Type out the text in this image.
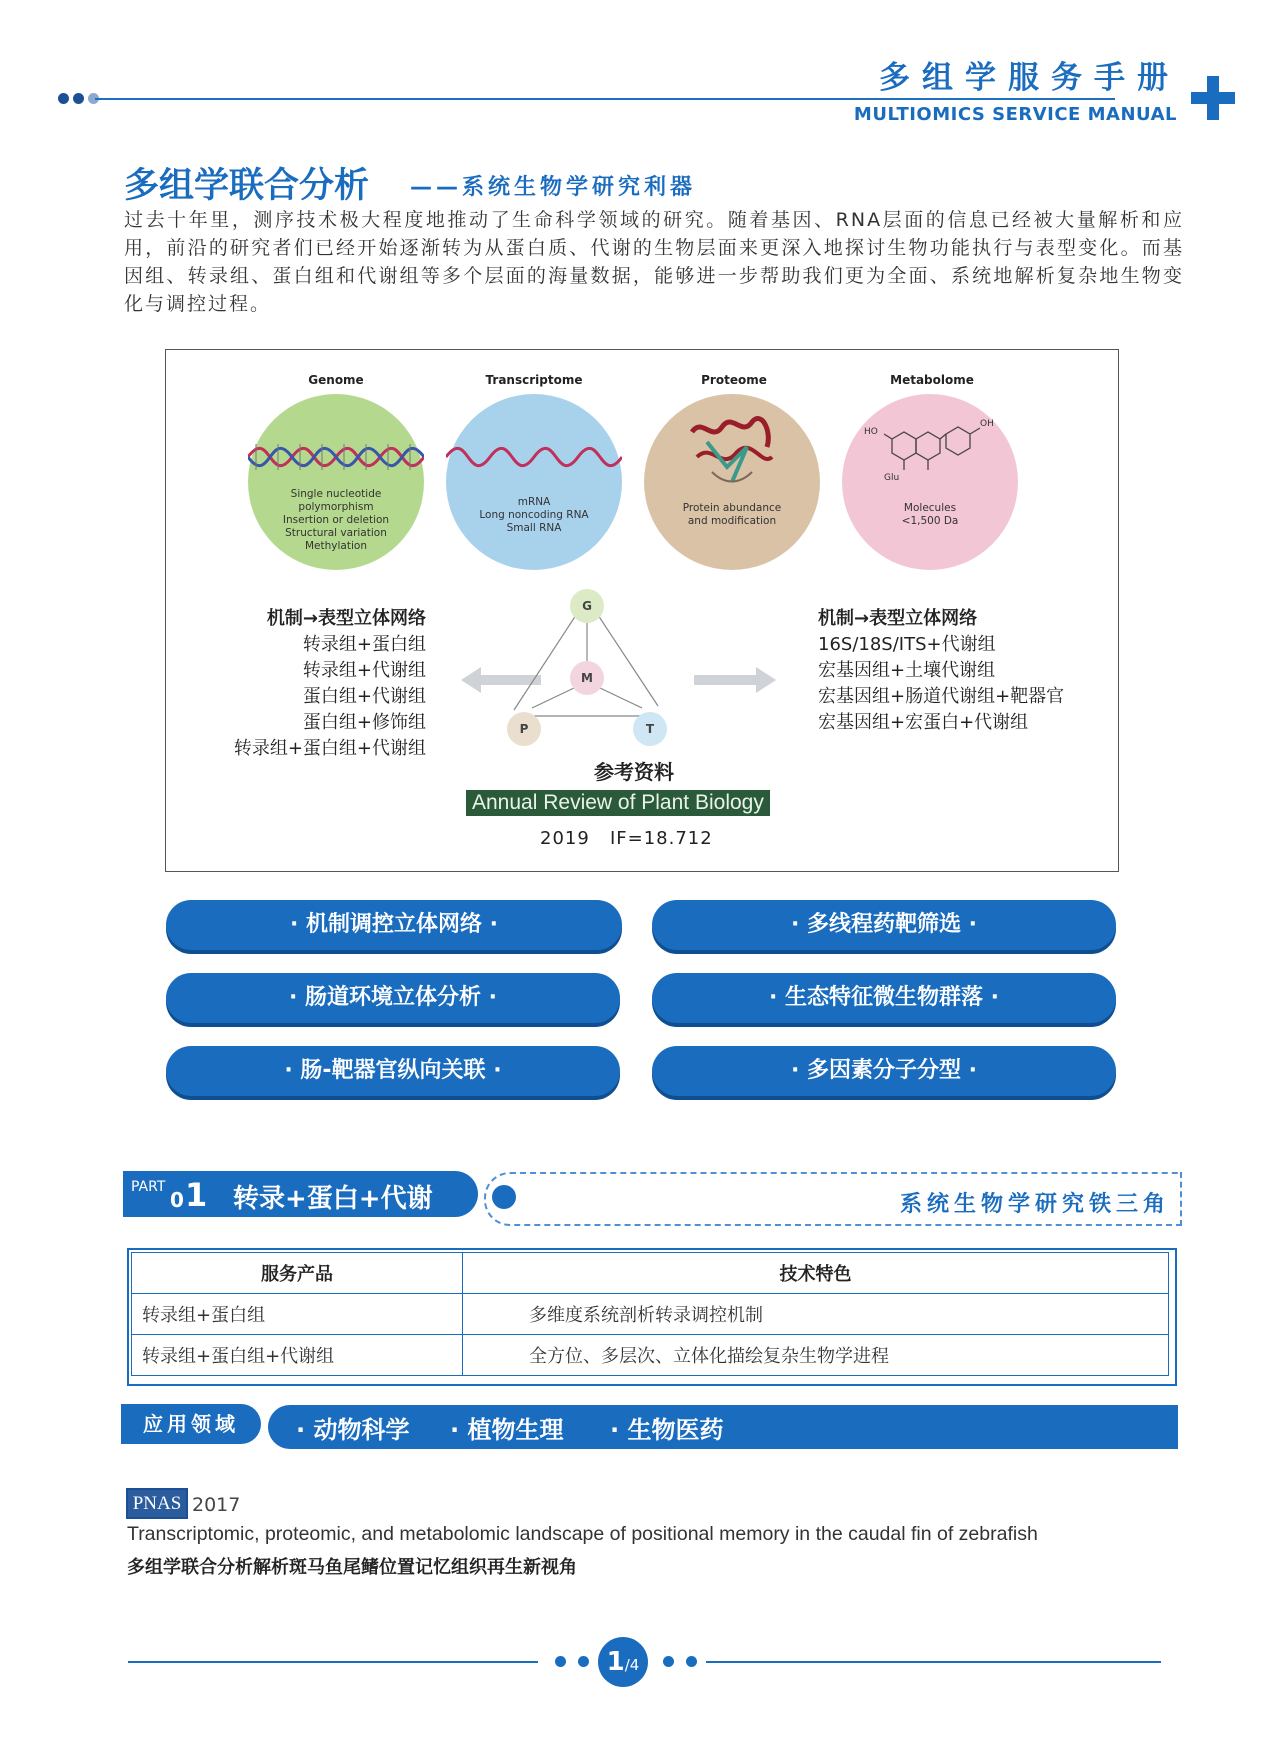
多组学服务手册
MULTIOMICS SERVICE MANUAL
多组学联合分析 ——系统生物学研究利器
过去十年里，测序技术极大程度地推动了生命科学领域的研究。随着基因、RNA层面的信息已经被大量解析和应用，前沿的研究者们已经开始逐渐转为从蛋白质、代谢的生物层面来更深入地探讨生物功能执行与表型变化。而基因组、转录组、蛋白组和代谢组等多个层面的海量数据，能够进一步帮助我们更为全面、系统地解析复杂地生物变化与调控过程。
Genome	Transcriptome	Proteome	Metabolome
Single nucleotide
polymorphism
Insertion or deletion
Structural variation
Methylation
mRNA
Long noncoding RNA
Small RNA
Protein abundance
and modification
HO
OH
Glu
Molecules
<1,500 Da
机制→表型立体网络
转录组+蛋白组
转录组+代谢组
蛋白组+代谢组
蛋白组+修饰组
转录组+蛋白组+代谢组
机制→表型立体网络
16S/18S/ITS+代谢组
宏基因组+土壤代谢组
宏基因组+肠道代谢组+靶器官
宏基因组+宏蛋白+代谢组
G
M
P	T
参考资料
Annual Review of Plant Biology
2019   IF=18.712
· 机制调控立体网络 ·	· 多线程药靶筛选 ·
· 肠道环境立体分析 ·	· 生态特征微生物群落 ·
· 肠-靶器官纵向关联 ·	· 多因素分子分型 ·
PART
0 1 转录+蛋白+代谢	系统生物学研究铁三角
服务产品	技术特色
转录组+蛋白组	多维度系统剖析转录调控机制
转录组+蛋白组+代谢组	全方位、多层次、立体化描绘复杂生物学进程
应用领域	· 动物科学 · 植物生理 · 生物医药
PNAS 2017
Transcriptomic, proteomic, and metabolomic landscape of positional memory in the caudal fin of zebrafish
多组学联合分析解析斑马鱼尾鳍位置记忆组织再生新视角
1/4
